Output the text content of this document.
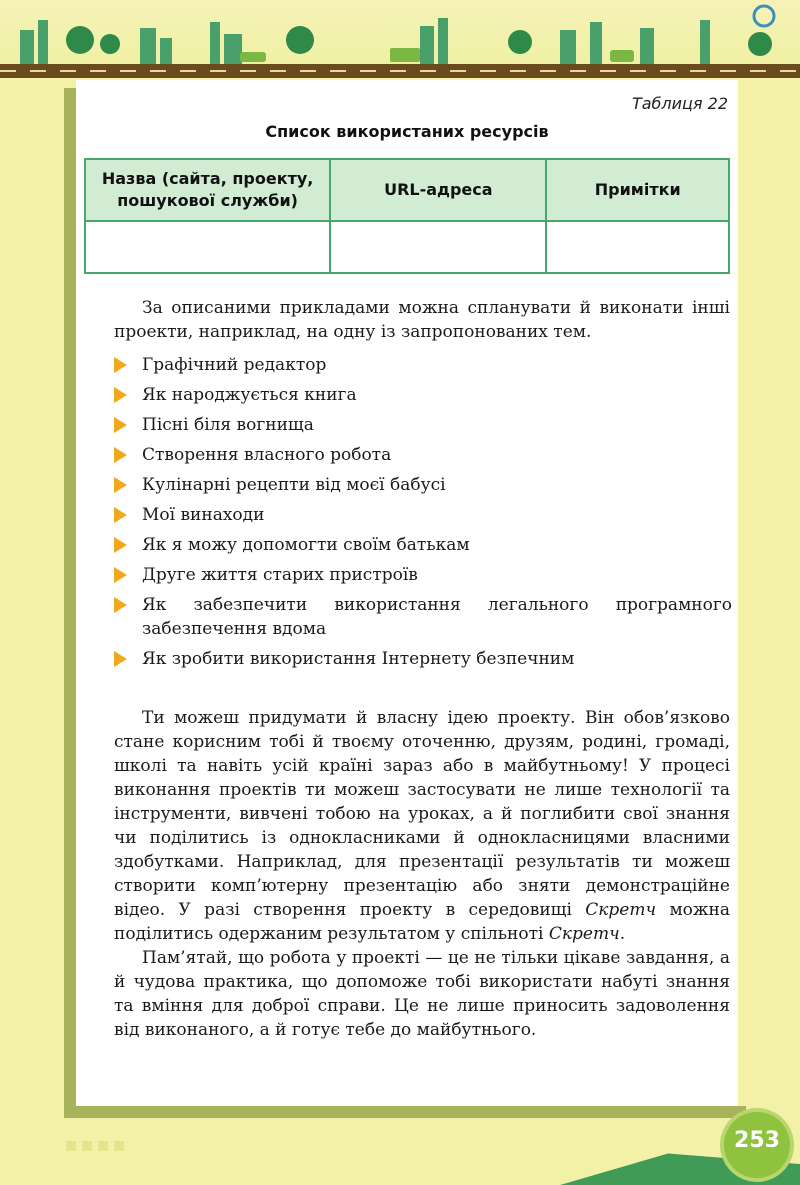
Таблиця 22
Список використаних ресурсів
Назва (сайта, проекту, пошукової служби)	URL-адреса	Примітки

За описаними прикладами можна спланувати й виконати інші проекти, наприклад, на одну із запропонованих тем.

Графічний редактор
Як народжується книга
Пісні біля вогнища
Створення власного робота
Кулінарні рецепти від моєї бабусі
Мої винаходи
Як я можу допомогти своїм батькам
Друге життя старих пристроїв
Як забезпечити використання легального програмного забезпечення вдома
Як зробити використання Інтернету безпечним

Ти можеш придумати й власну ідею проекту. Він обов’язково стане корисним тобі й твоєму оточенню, друзям, родині, громаді, школі та навіть усій країні зараз або в майбутньому! У процесі виконання проектів ти можеш застосувати не лише технології та інструменти, вивчені тобою на уроках, а й поглибити свої знання чи поділитись із однокласниками й однокласницями власними здобутками. Наприклад, для презентації результатів ти можеш створити комп’ютерну презентацію або зняти демонстраційне відео. У разі створення проекту в середовищі Скретч можна поділитись одержаним результатом у спільноті Скретч.

Пам’ятай, що робота у проекті — це не тільки цікаве завдання, а й чудова практика, що допоможе тобі використати набуті знання та вміння для доброї справи. Це не лише приносить задоволення від виконаного, а й готує тебе до майбутнього.

253
